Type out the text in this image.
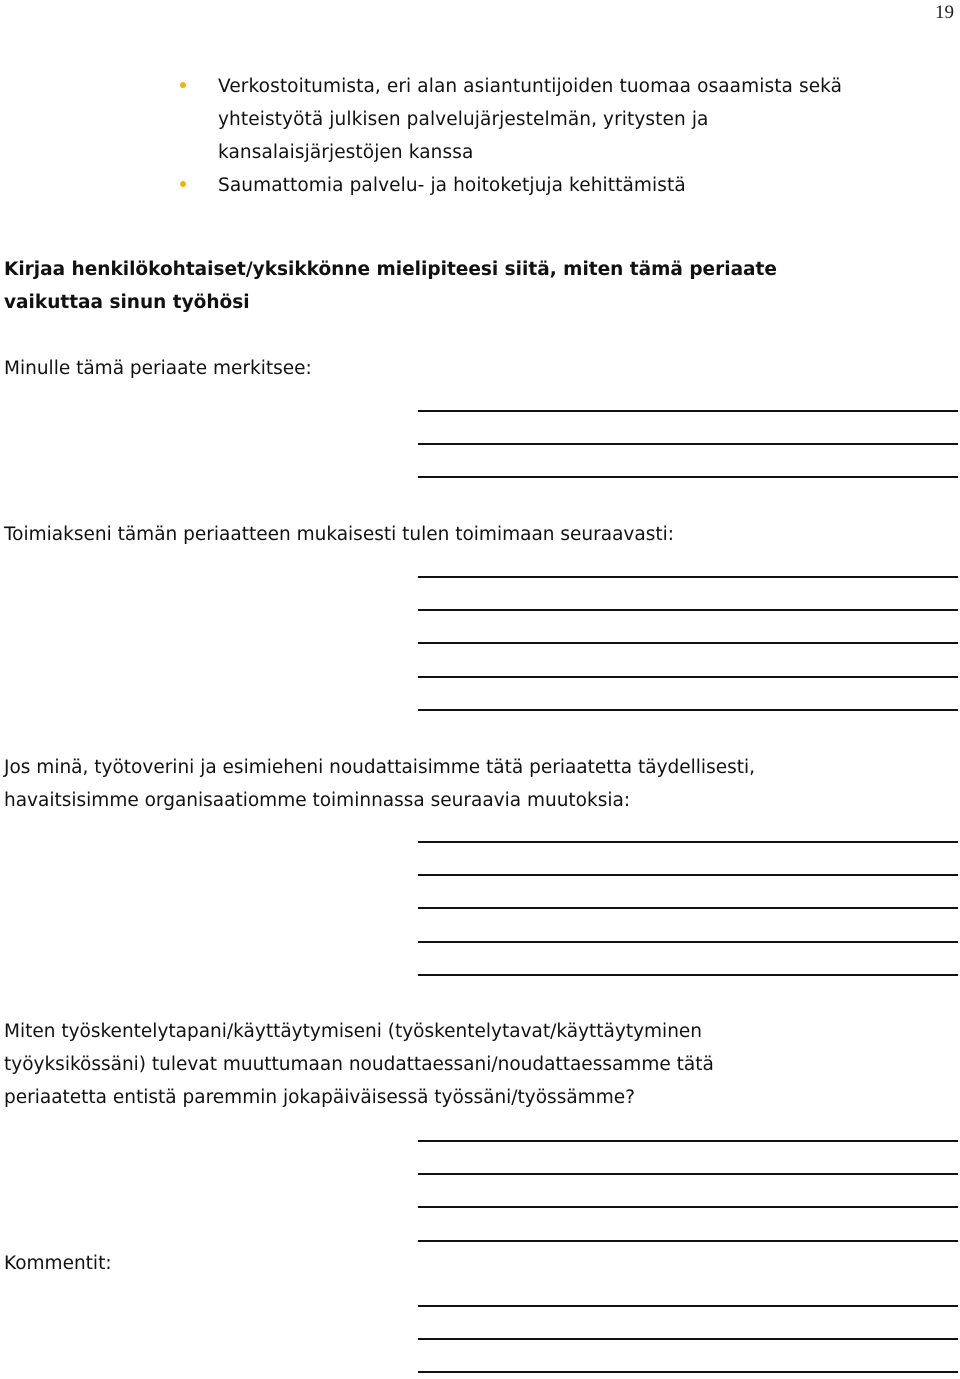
19
Verkostoitumista, eri alan asiantuntijoiden tuomaa osaamista sekä
yhteistyötä julkisen palvelujärjestelmän, yritysten ja
kansalaisjärjestöjen kanssa
Saumattomia palvelu- ja hoitoketjuja kehittämistä
Kirjaa henkilökohtaiset/yksikkönne mielipiteesi siitä, miten tämä periaate
vaikuttaa sinun työhösi
Minulle tämä periaate merkitsee:
Toimiakseni tämän periaatteen mukaisesti tulen toimimaan seuraavasti:
Jos minä, työtoverini ja esimieheni noudattaisimme tätä periaatetta täydellisesti,
havaitsisimme organisaatiomme toiminnassa seuraavia muutoksia:
Miten työskentelytapani/käyttäytymiseni (työskentelytavat/käyttäytyminen
työyksikössäni) tulevat muuttumaan noudattaessani/noudattaessamme tätä
periaatetta entistä paremmin jokapäiväisessä työssäni/työssämme?
Kommentit:
